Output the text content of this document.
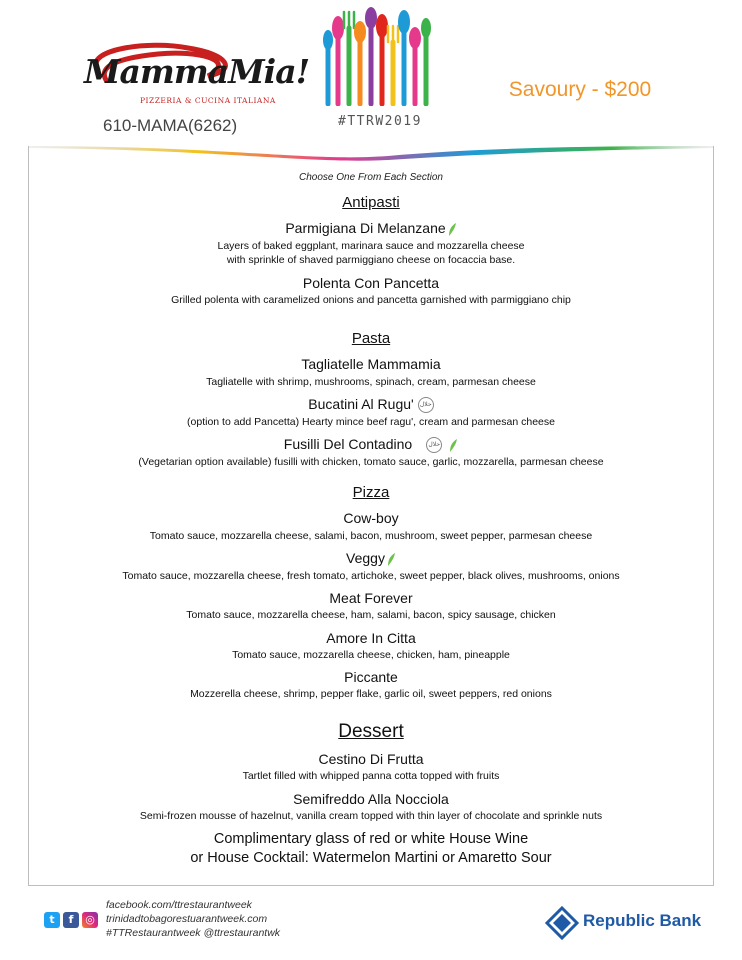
MammaMia!
PIZZERIA & CUCINA ITALIANA
610-MAMA(6262)	#TTRW2019
Savoury - $200
Choose One From Each Section
Antipasti
Parmigiana Di Melanzane
Layers of baked eggplant, marinara sauce and mozzarella cheese
with sprinkle of shaved parmiggiano cheese on focaccia base.
Polenta Con Pancetta
Grilled polenta with caramelized onions and pancetta garnished with parmiggiano chip
Pasta
Tagliatelle Mammamia
Tagliatelle with shrimp, mushrooms, spinach, cream, parmesan cheese
Bucatini Al Rugu' حلال
(option to add Pancetta) Hearty mince beef ragu', cream and parmesan cheese
Fusilli Del Contadino	حلال
(Vegetarian option available) fusilli with chicken, tomato sauce, garlic, mozzarella, parmesan cheese
Pizza
Cow-boy
Tomato sauce, mozzarella cheese, salami, bacon, mushroom, sweet pepper, parmesan cheese
Veggy
Tomato sauce, mozzarella cheese, fresh tomato, artichoke, sweet pepper, black olives, mushrooms, onions
Meat Forever
Tomato sauce, mozzarella cheese, ham, salami, bacon, spicy sausage, chicken
Amore In Citta
Tomato sauce, mozzarella cheese, chicken, ham, pineapple
Piccante
Mozzerella cheese, shrimp, pepper flake, garlic oil, sweet peppers, red onions
Dessert
Cestino Di Frutta
Tartlet filled with whipped panna cotta topped with fruits
Semifreddo Alla Nocciola
Semi-frozen mousse of hazelnut, vanilla cream topped with thin layer of chocolate and sprinkle nuts
Complimentary glass of red or white House Wine
or House Cocktail: Watermelon Martini or Amaretto Sour
t	f	◎
facebook.com/ttrestaurantweek
trinidadtobagorestuarantweek.com
#TTRestaurantweek @ttrestaurantwk
Republic Bank
